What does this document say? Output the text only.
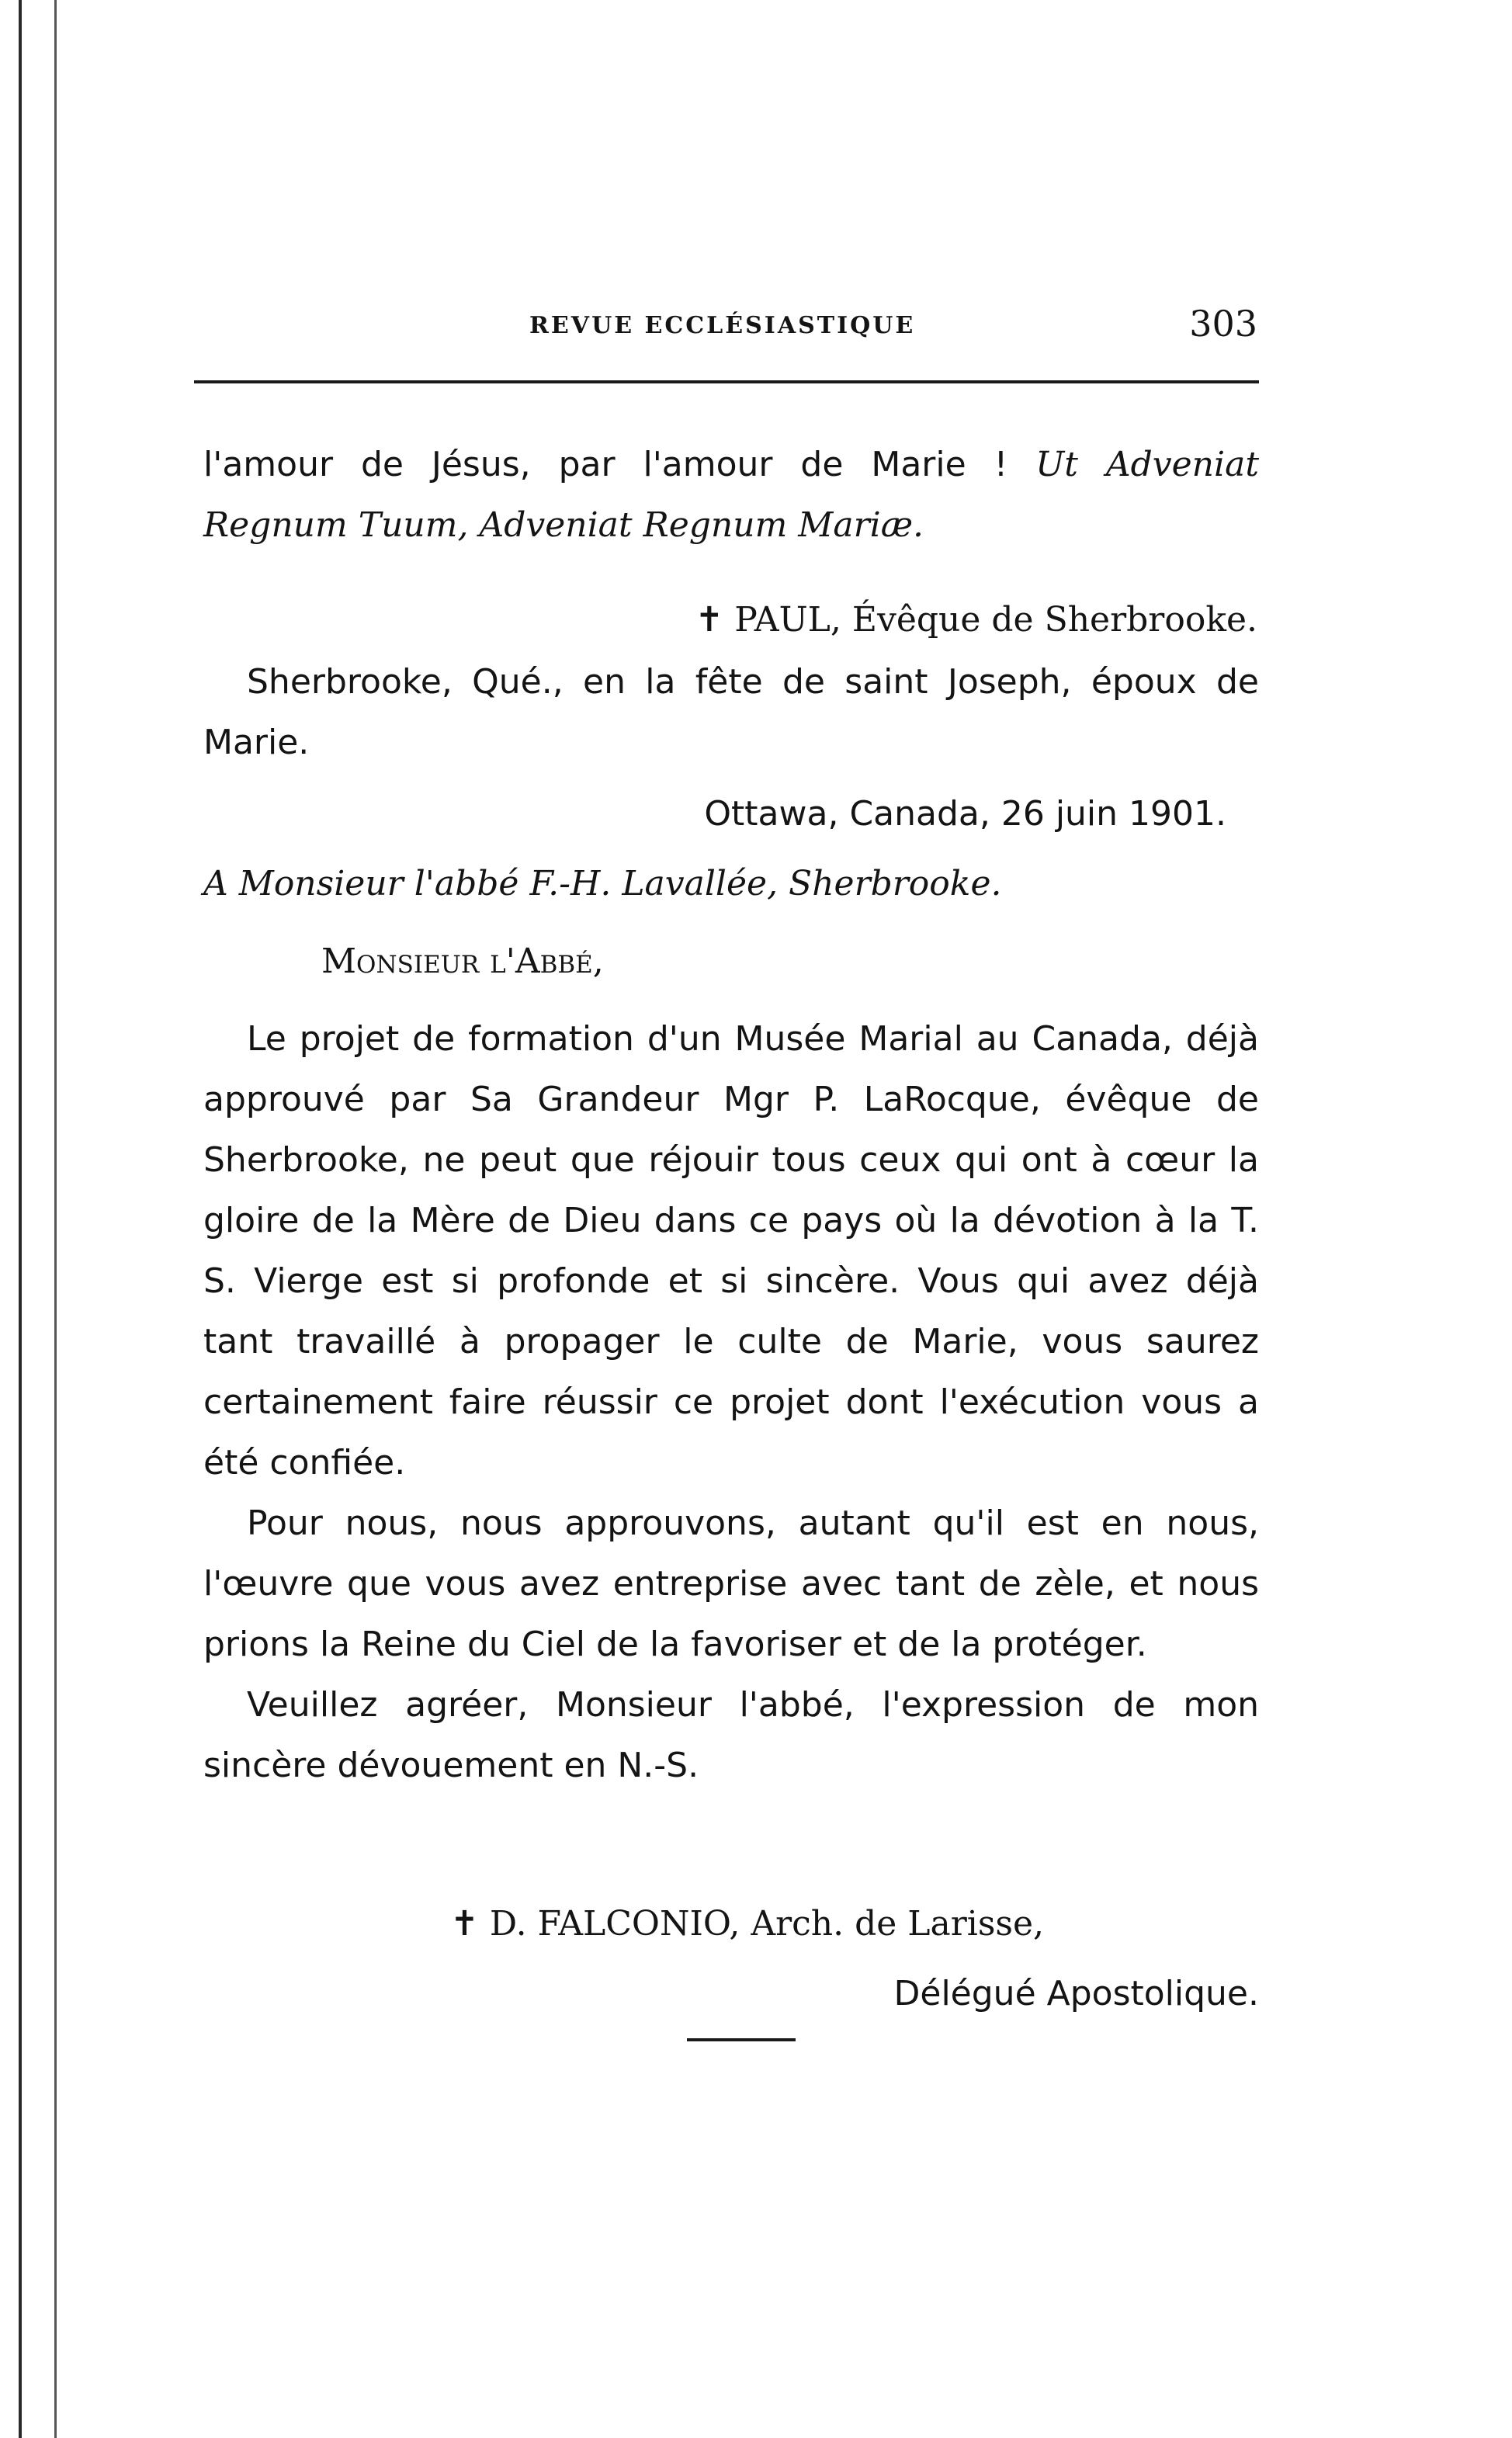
REVUE ECCLÉSIASTIQUE	303

l'amour de Jésus, par l'amour de Marie ! Ut Adveniat Regnum Tuum, Adveniat Regnum Mariæ.

✝ PAUL, Évêque de Sherbrooke.

Sherbrooke, Qué., en la fête de saint Joseph, époux de Marie.

Ottawa, Canada, 26 juin 1901.
A Monsieur l'abbé F.-H. Lavallée, Sherbrooke.
Monsieur l'Abbé,

Le projet de formation d'un Musée Marial au Canada, déjà approuvé par Sa Grandeur Mgr P. LaRocque, évêque de Sherbrooke, ne peut que réjouir tous ceux qui ont à cœur la gloire de la Mère de Dieu dans ce pays où la dévotion à la T. S. Vierge est si profonde et si sincère. Vous qui avez déjà tant travaillé à propager le culte de Marie, vous saurez certainement faire réussir ce projet dont l'exécution vous a été confiée.

Pour nous, nous approuvons, autant qu'il est en nous, l'œuvre que vous avez entreprise avec tant de zèle, et nous prions la Reine du Ciel de la favoriser et de la protéger.

Veuillez agréer, Monsieur l'abbé, l'expression de mon sincère dévouement en N.-S.

✝ D. FALCONIO, Arch. de Larisse,
Délégué Apostolique.
